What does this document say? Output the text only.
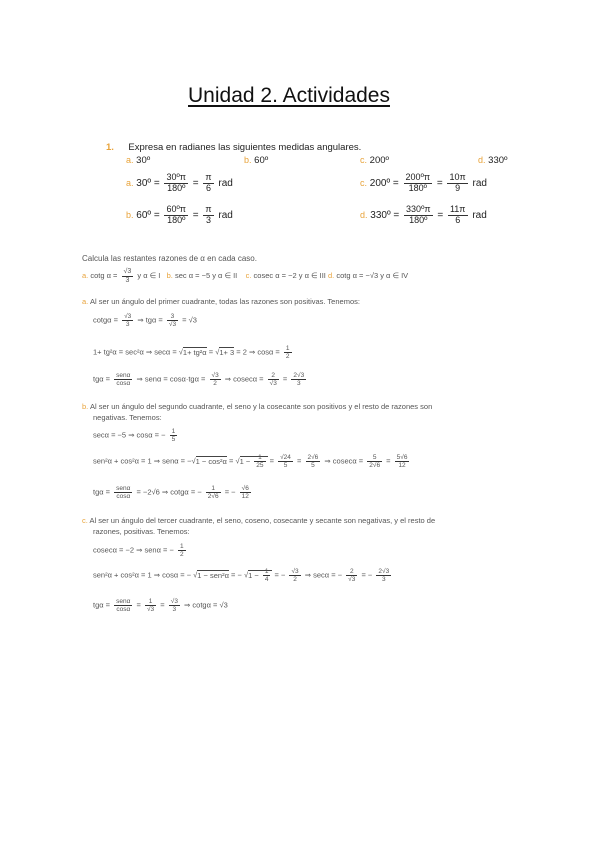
Unidad 2. Actividades
1. Expresa en radianes las siguientes medidas angulares.
a. 30º	b. 60º	c. 200º	d. 330º
a. 30º = $\frac{\text{30ºπ}}{\text{180º}} = \frac{\pi}{6}$ rad
b. 60º = $\frac{\text{60ºπ}}{\text{180º}} = \frac{\pi}{3}$ rad
c. 200º = $\frac{\text{200ºπ}}{\text{180º}} = \frac{10\pi}{9}$ rad
d. 330º = $\frac{\text{330ºπ}}{\text{180º}} = \frac{11\pi}{6}$ rad
Calcula las restantes razones de α en cada caso.
a. cotg $\alpha = \frac{√3}{3}$ y α ∈ I b. sec α = −5 y α ∈ II c. cosec α = −2 y α ∈ III d. cotg α = −√3 y α ∈ IV
a. Al ser un ángulo del primer cuadrante, todas las razones son positivas. Tenemos:
$\cot g\alpha = \frac{√3}{3}$ ⇒ $tg\alpha = \frac{3}{√3} = √3$
1+ tg²α = sec²α ⇒ secα = √1+ tg²α = √1+ 3 = 2 ⇒ $\cos\alpha = \frac{1}{2}$
tgα = senα
cosα
⇒ $sen\alpha = \cos\alpha\cdot tg\alpha = \frac{√3}{2}$ ⇒ $cosec\alpha = \frac{2}{√3} = \frac{2√3}{3}$
b. Al ser un ángulo del segundo cuadrante, el seno y la cosecante son positivos y el resto de razones son
negativas. Tenemos:
secα = −5 ⇒ cosα = − $\frac{1}{5}$
sen²α + cos²α = 1 ⇒ $sen\alpha = -√1 - \cos^2\alpha = √1 - \frac{1}{25} = \frac{√24}{5} = \frac{2√6}{5}$ ⇒ $cosec\alpha = \frac{5}{2√6} = \frac{5√6}{12}$
tgα = senα
cosα
= −2√6 ⇒ cotgα = − $\frac{1}{2√6}$ = − $\frac{√6}{12}$
c. Al ser un ángulo del tercer cuadrante, el seno, coseno, cosecante y secante son negativas, y el resto de
razones, positivas. Tenemos:
cosecα = −2 ⇒ senα = − $\frac{1}{2}$
sen²α + cos²α = 1 ⇒ cosα = − √1 − sen²α = − $√1 - \frac{1}{4}$ = − $\frac{√3}{2}$ ⇒ secα = − $\frac{2}{√3}$ = − $\frac{2√3}{3}$
tgα = senα
cosα
= $\frac{1}{√3} = \frac{√3}{3}$ ⇒ cotgα = √3
